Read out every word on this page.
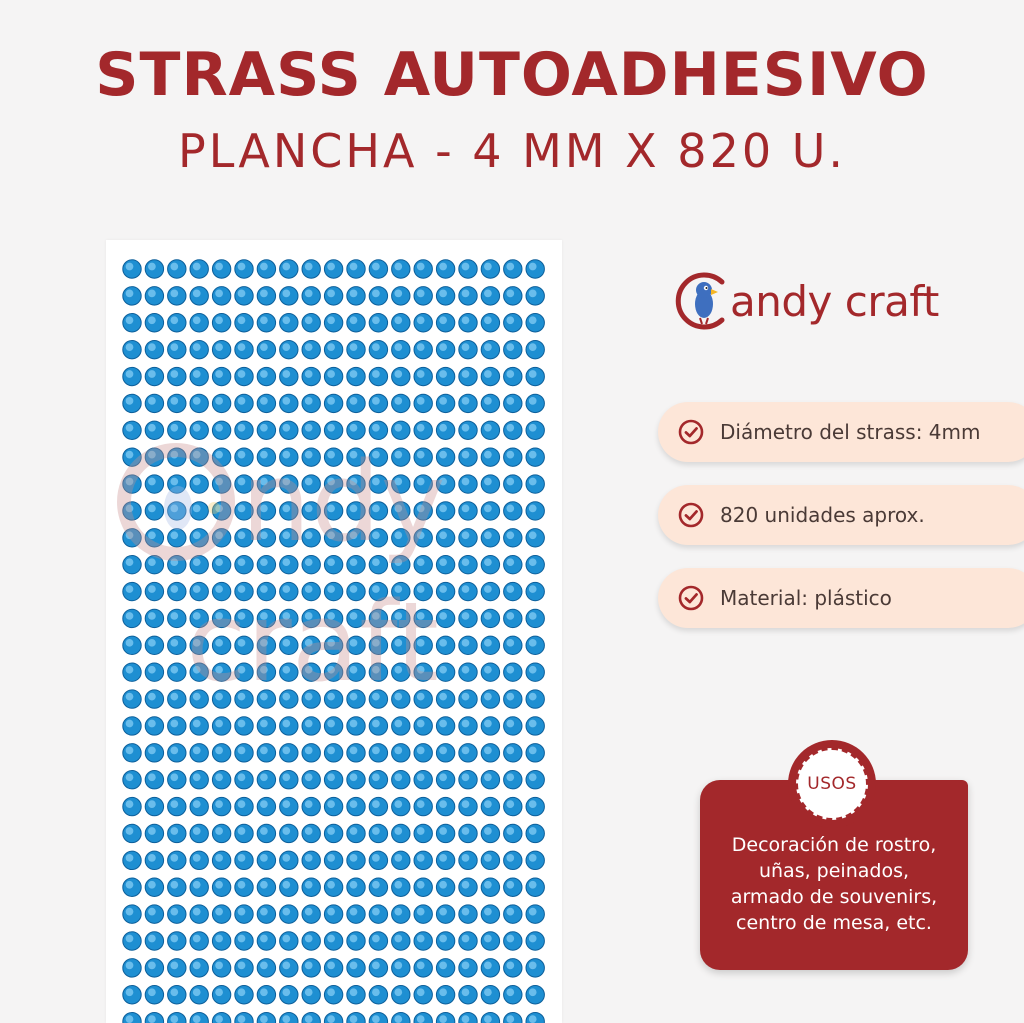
STRASS AUTOADHESIVO
PLANCHA - 4 MM X 820 U.
ndy
craft
andy craft
Diámetro del strass: 4mm
820 unidades aprox.
Material: plástico
Decoración de rostro,
uñas, peinados,
armado de souvenirs,
centro de mesa, etc.
USOS
